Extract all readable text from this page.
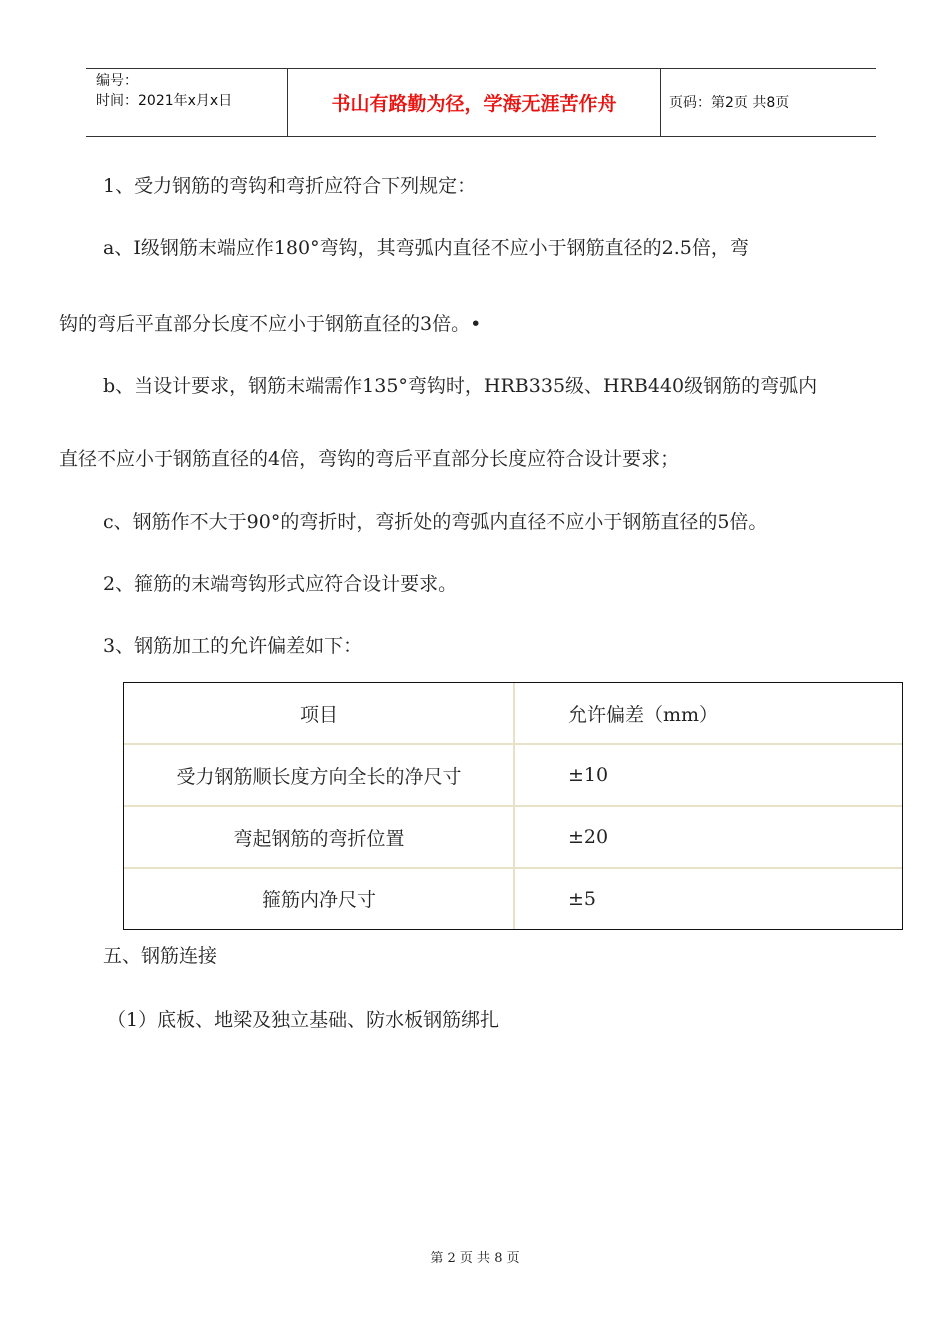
编号：
时间：2021年x月x日	书山有路勤为径，学海无涯苦作舟	页码：第2页 共8页
1、受力钢筋的弯钩和弯折应符合下列规定：
a、Ⅰ级钢筋末端应作180°弯钩，其弯弧内直径不应小于钢筋直径的2.5倍，弯
钩的弯后平直部分长度不应小于钢筋直径的3倍。•
b、当设计要求，钢筋末端需作135°弯钩时，HRB335级、HRB440级钢筋的弯弧内
直径不应小于钢筋直径的4倍，弯钩的弯后平直部分长度应符合设计要求；
c、钢筋作不大于90°的弯折时，弯折处的弯弧内直径不应小于钢筋直径的5倍。
2、箍筋的末端弯钩形式应符合设计要求。
3、钢筋加工的允许偏差如下：
项目	允许偏差（mm）
受力钢筋顺长度方向全长的净尺寸	±10
弯起钢筋的弯折位置	±20
箍筋内净尺寸	±5
五、钢筋连接
（1）底板、地梁及独立基础、防水板钢筋绑扎
第 2 页 共 8 页
